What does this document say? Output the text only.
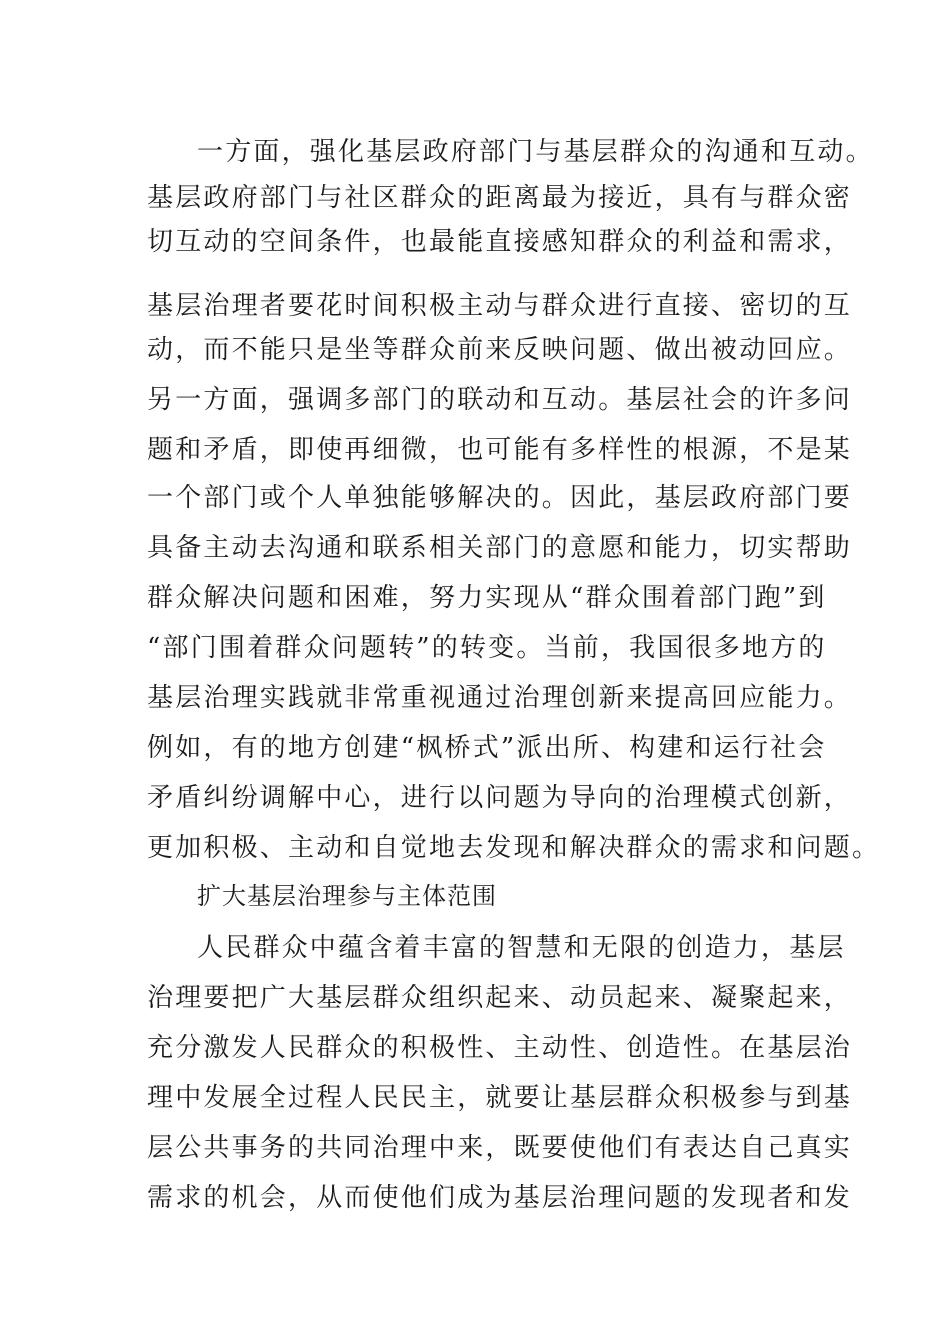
一方面，强化基层政府部门与基层群众的沟通和互动。
基层政府部门与社区群众的距离最为接近，具有与群众密
切互动的空间条件，也最能直接感知群众的利益和需求，
基层治理者要花时间积极主动与群众进行直接、密切的互
动，而不能只是坐等群众前来反映问题、做出被动回应。
另一方面，强调多部门的联动和互动。基层社会的许多问
题和矛盾，即使再细微，也可能有多样性的根源，不是某
一个部门或个人单独能够解决的。因此，基层政府部门要
具备主动去沟通和联系相关部门的意愿和能力，切实帮助
群众解决问题和困难，努力实现从“群众围着部门跑”到
“部门围着群众问题转”的转变。当前，我国很多地方的
基层治理实践就非常重视通过治理创新来提高回应能力。
例如，有的地方创建“枫桥式”派出所、构建和运行社会
矛盾纠纷调解中心，进行以问题为导向的治理模式创新，
更加积极、主动和自觉地去发现和解决群众的需求和问题。
扩大基层治理参与主体范围
人民群众中蕴含着丰富的智慧和无限的创造力，基层
治理要把广大基层群众组织起来、动员起来、凝聚起来，
充分激发人民群众的积极性、主动性、创造性。在基层治
理中发展全过程人民民主，就要让基层群众积极参与到基
层公共事务的共同治理中来，既要使他们有表达自己真实
需求的机会，从而使他们成为基层治理问题的发现者和发
